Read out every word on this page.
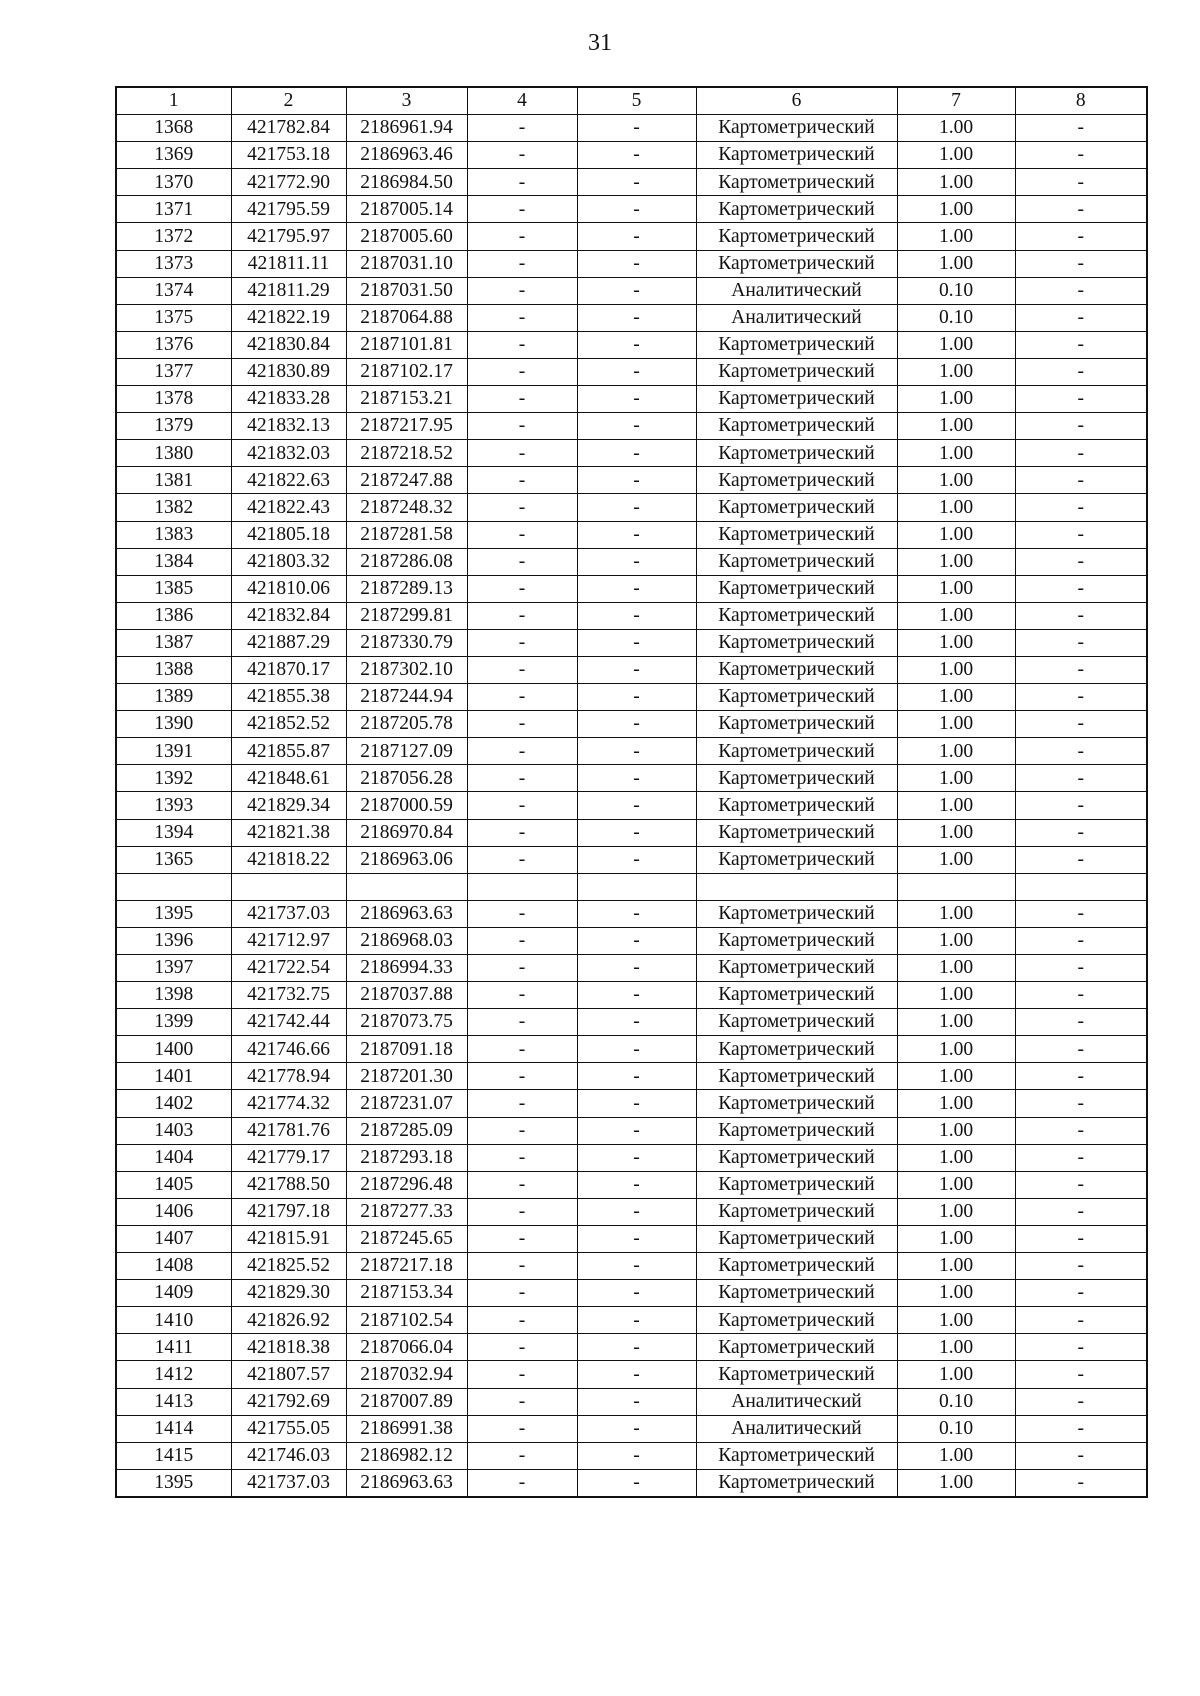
31
1	2	3	4	5	6	7	8
1368	421782.84	2186961.94	-	-	Картометрический	1.00	-
1369	421753.18	2186963.46	-	-	Картометрический	1.00	-
1370	421772.90	2186984.50	-	-	Картометрический	1.00	-
1371	421795.59	2187005.14	-	-	Картометрический	1.00	-
1372	421795.97	2187005.60	-	-	Картометрический	1.00	-
1373	421811.11	2187031.10	-	-	Картометрический	1.00	-
1374	421811.29	2187031.50	-	-	Аналитический	0.10	-
1375	421822.19	2187064.88	-	-	Аналитический	0.10	-
1376	421830.84	2187101.81	-	-	Картометрический	1.00	-
1377	421830.89	2187102.17	-	-	Картометрический	1.00	-
1378	421833.28	2187153.21	-	-	Картометрический	1.00	-
1379	421832.13	2187217.95	-	-	Картометрический	1.00	-
1380	421832.03	2187218.52	-	-	Картометрический	1.00	-
1381	421822.63	2187247.88	-	-	Картометрический	1.00	-
1382	421822.43	2187248.32	-	-	Картометрический	1.00	-
1383	421805.18	2187281.58	-	-	Картометрический	1.00	-
1384	421803.32	2187286.08	-	-	Картометрический	1.00	-
1385	421810.06	2187289.13	-	-	Картометрический	1.00	-
1386	421832.84	2187299.81	-	-	Картометрический	1.00	-
1387	421887.29	2187330.79	-	-	Картометрический	1.00	-
1388	421870.17	2187302.10	-	-	Картометрический	1.00	-
1389	421855.38	2187244.94	-	-	Картометрический	1.00	-
1390	421852.52	2187205.78	-	-	Картометрический	1.00	-
1391	421855.87	2187127.09	-	-	Картометрический	1.00	-
1392	421848.61	2187056.28	-	-	Картометрический	1.00	-
1393	421829.34	2187000.59	-	-	Картометрический	1.00	-
1394	421821.38	2186970.84	-	-	Картометрический	1.00	-
1365	421818.22	2186963.06	-	-	Картометрический	1.00	-

1395	421737.03	2186963.63	-	-	Картометрический	1.00	-
1396	421712.97	2186968.03	-	-	Картометрический	1.00	-
1397	421722.54	2186994.33	-	-	Картометрический	1.00	-
1398	421732.75	2187037.88	-	-	Картометрический	1.00	-
1399	421742.44	2187073.75	-	-	Картометрический	1.00	-
1400	421746.66	2187091.18	-	-	Картометрический	1.00	-
1401	421778.94	2187201.30	-	-	Картометрический	1.00	-
1402	421774.32	2187231.07	-	-	Картометрический	1.00	-
1403	421781.76	2187285.09	-	-	Картометрический	1.00	-
1404	421779.17	2187293.18	-	-	Картометрический	1.00	-
1405	421788.50	2187296.48	-	-	Картометрический	1.00	-
1406	421797.18	2187277.33	-	-	Картометрический	1.00	-
1407	421815.91	2187245.65	-	-	Картометрический	1.00	-
1408	421825.52	2187217.18	-	-	Картометрический	1.00	-
1409	421829.30	2187153.34	-	-	Картометрический	1.00	-
1410	421826.92	2187102.54	-	-	Картометрический	1.00	-
1411	421818.38	2187066.04	-	-	Картометрический	1.00	-
1412	421807.57	2187032.94	-	-	Картометрический	1.00	-
1413	421792.69	2187007.89	-	-	Аналитический	0.10	-
1414	421755.05	2186991.38	-	-	Аналитический	0.10	-
1415	421746.03	2186982.12	-	-	Картометрический	1.00	-
1395	421737.03	2186963.63	-	-	Картометрический	1.00	-
